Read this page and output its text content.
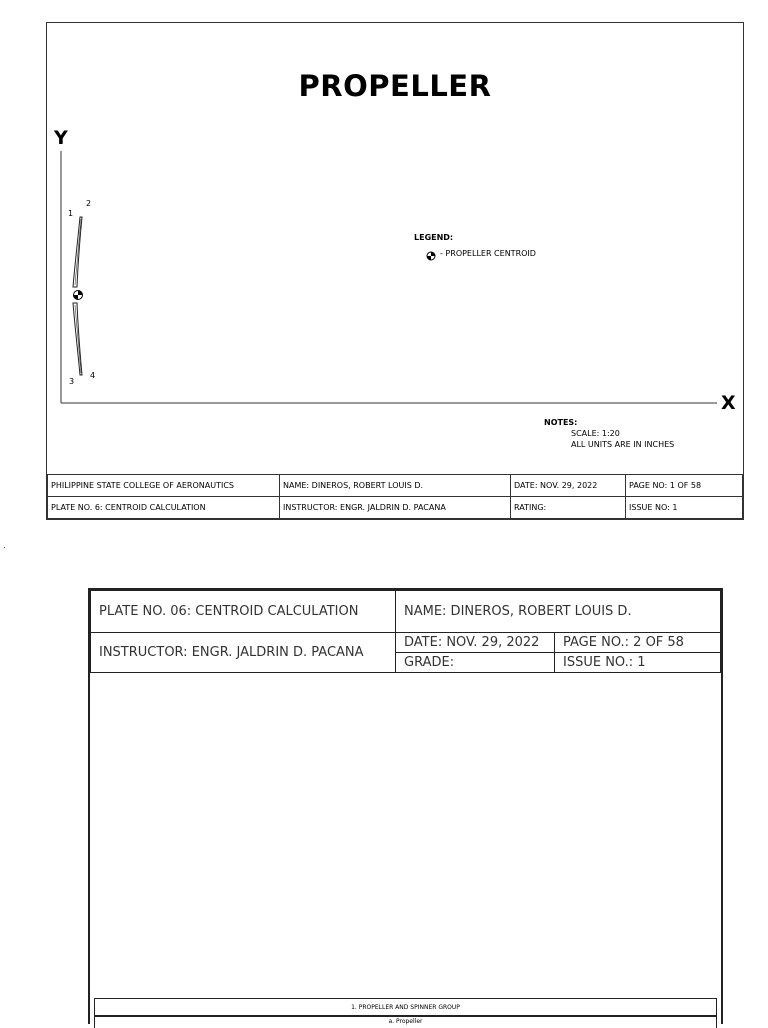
PROPELLER
Y
X
1
2
3
4
LEGEND:
- PROPELLER CENTROID
NOTES:
SCALE: 1:20
ALL UNITS ARE IN INCHES
PHILIPPINE STATE COLLEGE OF AERONAUTICS	NAME: DINEROS, ROBERT LOUIS D.	DATE: NOV. 29, 2022	PAGE NO: 1 OF 58
PLATE NO. 6: CENTROID CALCULATION	INSTRUCTOR: ENGR. JALDRIN D. PACANA	RATING:	ISSUE NO: 1
.
PLATE NO. 06: CENTROID CALCULATION	NAME: DINEROS, ROBERT LOUIS D.	
INSTRUCTOR: ENGR. JALDRIN D. PACANA	DATE: NOV. 29, 2022	PAGE NO.: 2 OF 58
	GRADE:	ISSUE NO.: 1
1. PROPELLER AND SPINNER GROUP
a. Propeller
